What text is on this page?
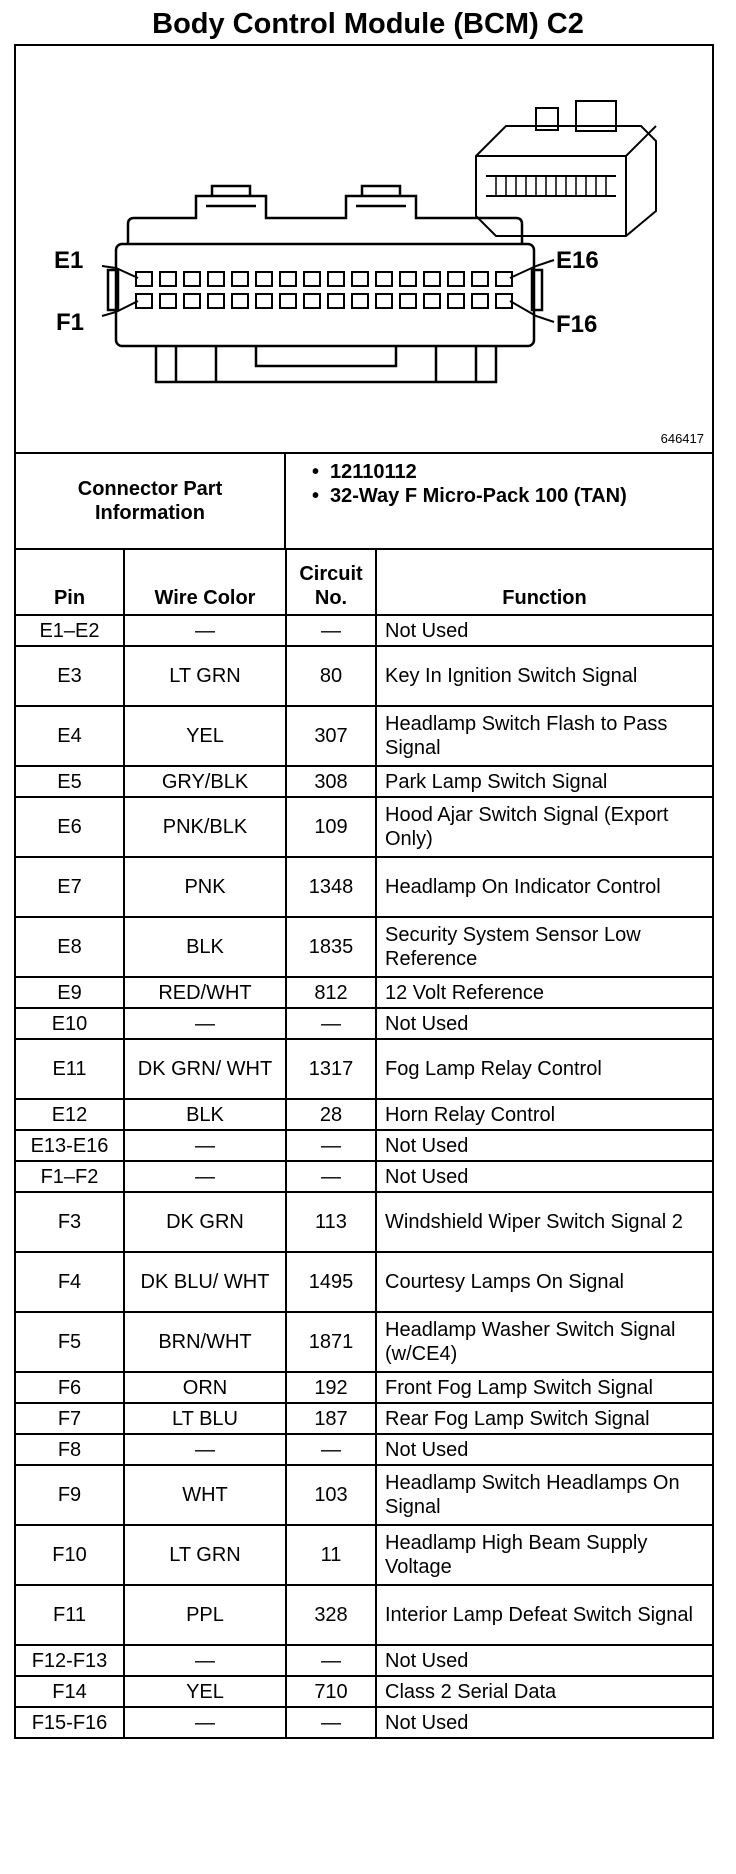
Body Control Module (BCM) C2
E1
F1
E16
F16
646417
Connector Part Information
• 12110112
• 32-Way F Micro-Pack 100 (TAN)
Pin	Wire Color	Circuit No.	Function
E1–E2	—	—	Not Used
E3	LT GRN	80	Key In Ignition Switch Signal
E4	YEL	307	Headlamp Switch Flash to Pass Signal
E5	GRY/BLK	308	Park Lamp Switch Signal
E6	PNK/BLK	109	Hood Ajar Switch Signal (Export Only)
E7	PNK	1348	Headlamp On Indicator Control
E8	BLK	1835	Security System Sensor Low Reference
E9	RED/WHT	812	12 Volt Reference
E10	—	—	Not Used
E11	DK GRN/ WHT	1317	Fog Lamp Relay Control
E12	BLK	28	Horn Relay Control
E13-E16	—	—	Not Used
F1–F2	—	—	Not Used
F3	DK GRN	113	Windshield Wiper Switch Signal 2
F4	DK BLU/ WHT	1495	Courtesy Lamps On Signal
F5	BRN/WHT	1871	Headlamp Washer Switch Signal (w/CE4)
F6	ORN	192	Front Fog Lamp Switch Signal
F7	LT BLU	187	Rear Fog Lamp Switch Signal
F8	—	—	Not Used
F9	WHT	103	Headlamp Switch Headlamps On Signal
F10	LT GRN	11	Headlamp High Beam Supply Voltage
F11	PPL	328	Interior Lamp Defeat Switch Signal
F12-F13	—	—	Not Used
F14	YEL	710	Class 2 Serial Data
F15-F16	—	—	Not Used
